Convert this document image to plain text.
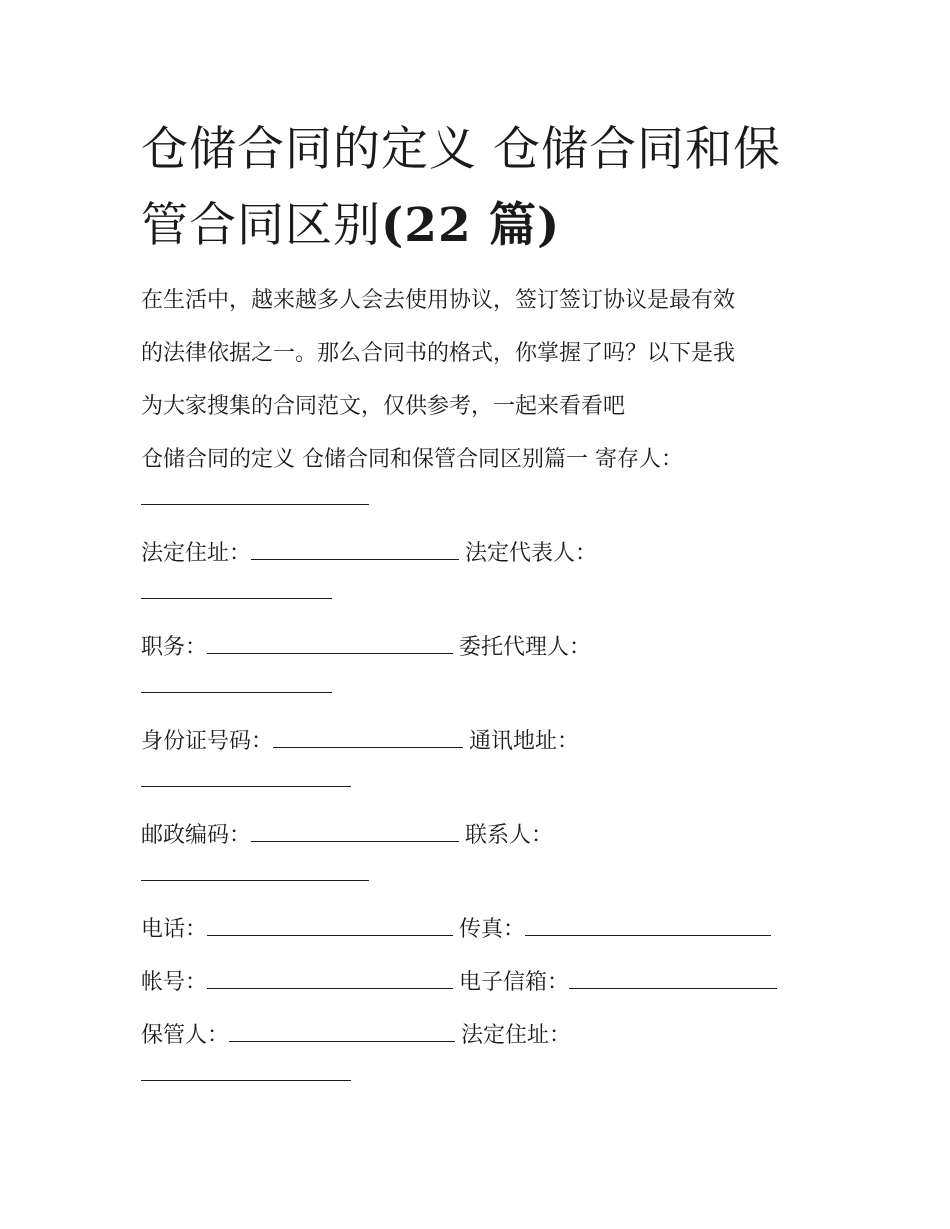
仓储合同的定义 仓储合同和保
管合同区别(22 篇)
在生活中，越来越多人会去使用协议，签订签订协议是最有效
的法律依据之一。那么合同书的格式，你掌握了吗？以下是我
为大家搜集的合同范文，仅供参考，一起来看看吧
仓储合同的定义 仓储合同和保管合同区别篇一 寄存人：
法定住址：	法定代表人：
职务：	委托代理人：
身份证号码：	通讯地址：
邮政编码：	联系人：
电话：	传真：
帐号：	电子信箱：
保管人：	法定住址：
